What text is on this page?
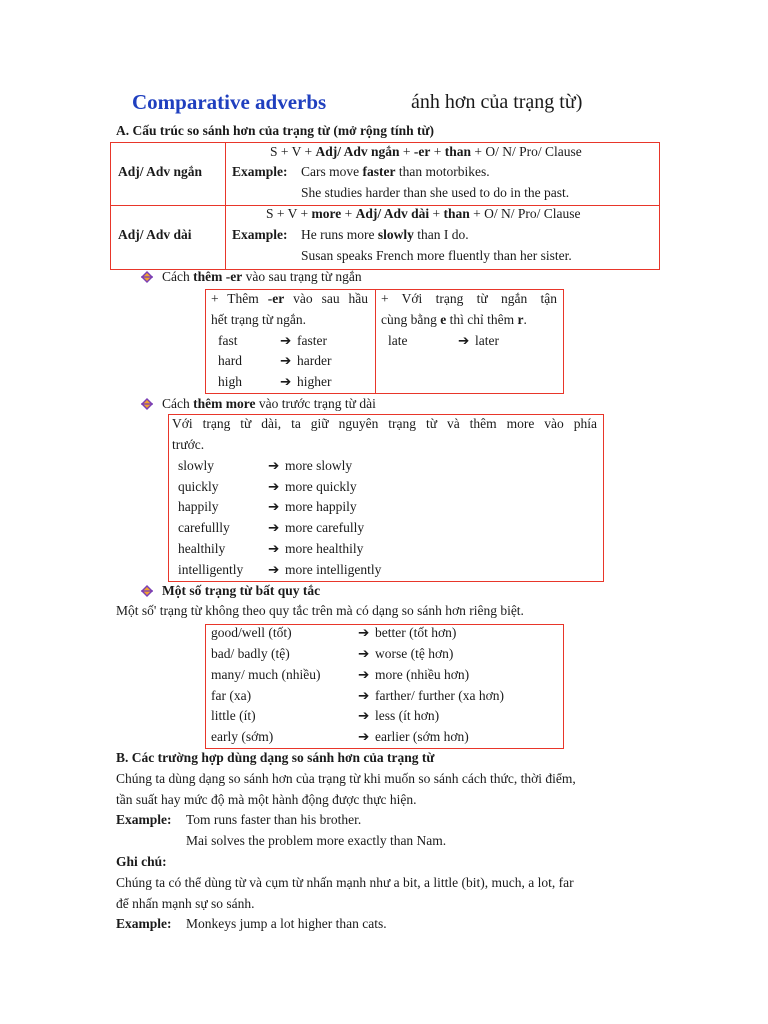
Comparative adverbs	ánh hơn của trạng từ)
A. Cấu trúc so sánh hơn của trạng từ (mở rộng tính từ)
Adj/ Adv ngắn
S + V + Adj/ Adv ngắn + -er + than + O/ N/ Pro/ Clause
Example: Cars move faster than motorbikes.
She studies harder than she used to do in the past.
Adj/ Adv dài
S + V + more + Adj/ Adv dài + than + O/ N/ Pro/ Clause
Example: He runs more slowly than I do.
Susan speaks French more fluently than her sister.
Cách thêm -er vào sau trạng từ ngắn
+ Thêm -er vào sau hầu
hết trạng từ ngắn.
fast	➔ faster
hard	➔ harder
high	➔ higher
+ Với trạng từ ngắn tận
cùng bằng e thì chỉ thêm r.
late	➔ later
Cách thêm more vào trước trạng từ dài
Với trạng từ dài, ta giữ nguyên trạng từ và thêm more vào phía
trước.
slowly	➔ more slowly
quickly	➔ more quickly
happily	➔ more happily
carefullly	➔ more carefully
healthily	➔ more healthily
intelligently ➔ more intelligently
Một số trạng từ bất quy tắc
Một số' trạng từ không theo quy tắc trên mà có dạng so sánh hơn riêng biệt.
good/well (tốt)	➔ better (tốt hơn)
bad/ badly (tệ)	➔ worse (tệ hơn)
many/ much (nhiều)	➔ more (nhiều hơn)
far (xa)	➔ farther/ further (xa hơn)
little (ít)	➔ less (ít hơn)
early (sớm)	➔ earlier (sớm hơn)
B. Các trường hợp dùng dạng so sánh hơn của trạng từ
Chúng ta dùng dạng so sánh hơn của trạng từ khi muốn so sánh cách thức, thời điểm,
tần suất hay mức độ mà một hành động được thực hiện.
Example: Tom runs faster than his brother.
Mai solves the problem more exactly than Nam.
Ghi chú:
Chúng ta có thể dùng từ và cụm từ nhấn mạnh như a bit, a little (bit), much, a lot, far
để nhấn mạnh sự so sánh.
Example: Monkeys jump a lot higher than cats.
